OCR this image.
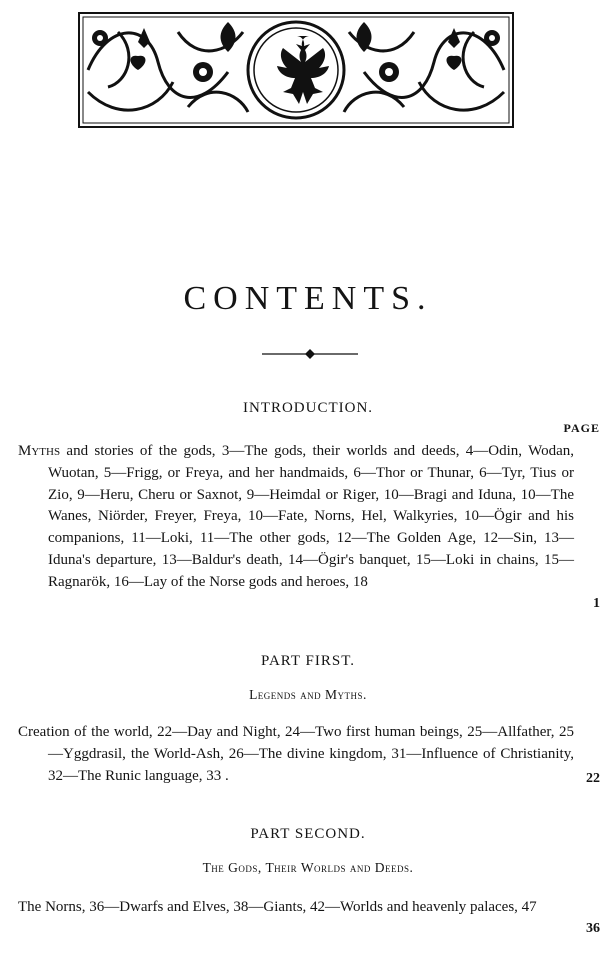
CONTENTS.
INTRODUCTION.
PAGE
Myths and stories of the gods, 3—The gods, their worlds and deeds, 4—Odin, Wodan, Wuotan, 5—Frigg, or Freya, and her handmaids, 6—Thor or Thunar, 6—Tyr, Tius or Zio, 9—Heru, Cheru or Saxnot, 9—Heimdal or Riger, 10—Bragi and Iduna, 10—The Wanes, Niörder, Freyer, Freya, 10—Fate, Norns, Hel, Walkyries, 10—Ögir and his companions, 11—Loki, 11—The other gods, 12—The Golden Age, 12—Sin, 13—Iduna's departure, 13—Baldur's death, 14—Ögir's banquet, 15—Loki in chains, 15—Ragnarök, 16—Lay of the Norse gods and heroes, 18
1
PART FIRST.
Legends and Myths.
Creation of the world, 22—Day and Night, 24—Two first human beings, 25—Allfather, 25—Yggdrasil, the World-Ash, 26—The divine kingdom, 31—Influence of Christianity, 32—The Runic language, 33 .	22
PART SECOND.
The Gods, Their Worlds and Deeds.
The Norns, 36—Dwarfs and Elves, 38—Giants, 42—Worlds and heavenly palaces, 47
36
